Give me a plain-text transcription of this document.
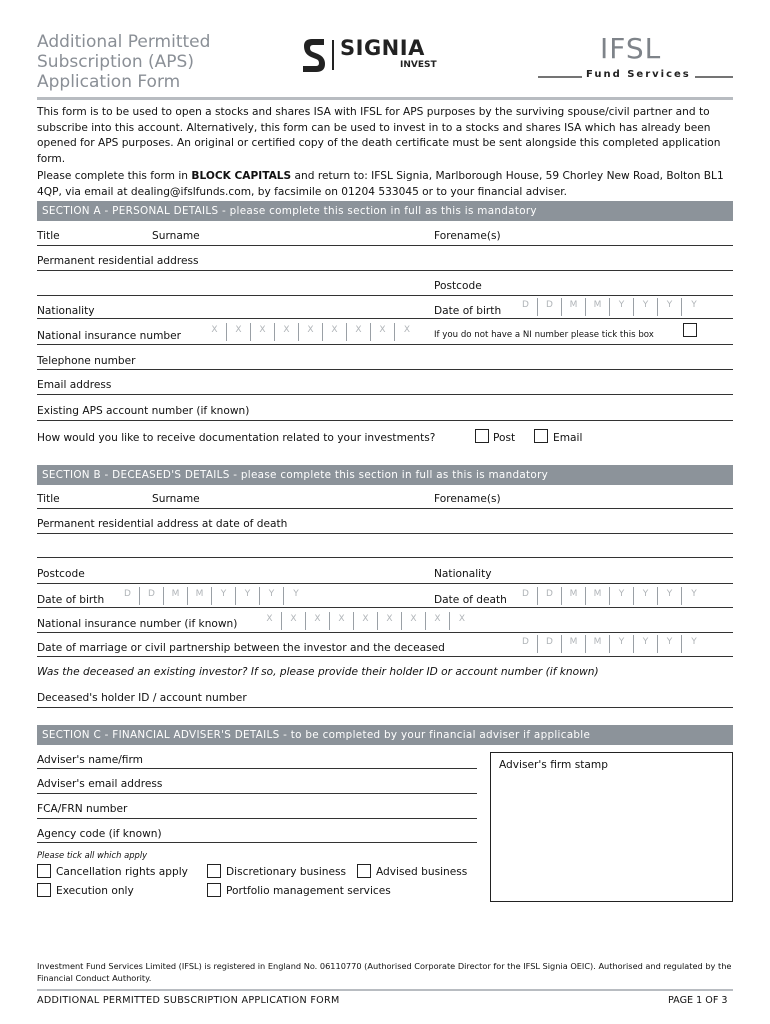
Additional Permitted
Subscription (APS)
Application Form
SIGNIA
INVEST	IFSL
Fund Services
This form is to be used to open a stocks and shares ISA with IFSL for APS purposes by the surviving spouse/civil partner and to subscribe into this account. Alternatively, this form can be used to invest in to a stocks and shares ISA which has already been opened for APS purposes. An original or certified copy of the death certificate must be sent alongside this completed application form.
Please complete this form in BLOCK CAPITALS and return to: IFSL Signia, Marlborough House, 59 Chorley New Road, Bolton BL1 4QP, via email at dealing@ifslfunds.com, by facsimile on 01204 533045 or to your financial adviser.
SECTION A - PERSONAL DETAILS - please complete this section in full as this is mandatory
Title	Surname	Forename(s)
Permanent residential address
Postcode
Nationality	Date of birth	D	D	M	M	Y	Y	Y	Y
National insurance number	X	X	X	X	X	X	X	X	X	If you do not have a NI number please tick this box
Telephone number
Email address
Existing APS account number (if known)
How would you like to receive documentation related to your investments?	Post	Email
SECTION B - DECEASED'S DETAILS - please complete this section in full as this is mandatory
Title	Surname	Forename(s)
Permanent residential address at date of death
Postcode	Nationality
Date of birth	D	D	M	M	Y	Y	Y	Y	Date of death	D	D	M	M	Y	Y	Y	Y
National insurance number (if known)	X	X	X	X	X	X	X	X	X
Date of marriage or civil partnership between the investor and the deceased	D	D	M	M	Y	Y	Y	Y
Was the deceased an existing investor? If so, please provide their holder ID or account number (if known)
Deceased's holder ID / account number
SECTION C - FINANCIAL ADVISER'S DETAILS - to be completed by your financial adviser if applicable
Adviser's name/firm
Adviser's email address
FCA/FRN number
Agency code (if known)
Please tick all which apply
Cancellation rights apply	Discretionary business	Advised business
Execution only	Portfolio management services
Adviser's firm stamp
Investment Fund Services Limited (IFSL) is registered in England No. 06110770 (Authorised Corporate Director for the IFSL Signia OEIC). Authorised and regulated by the Financial Conduct Authority.
ADDITIONAL PERMITTED SUBSCRIPTION APPLICATION FORM	PAGE 1 OF 3
